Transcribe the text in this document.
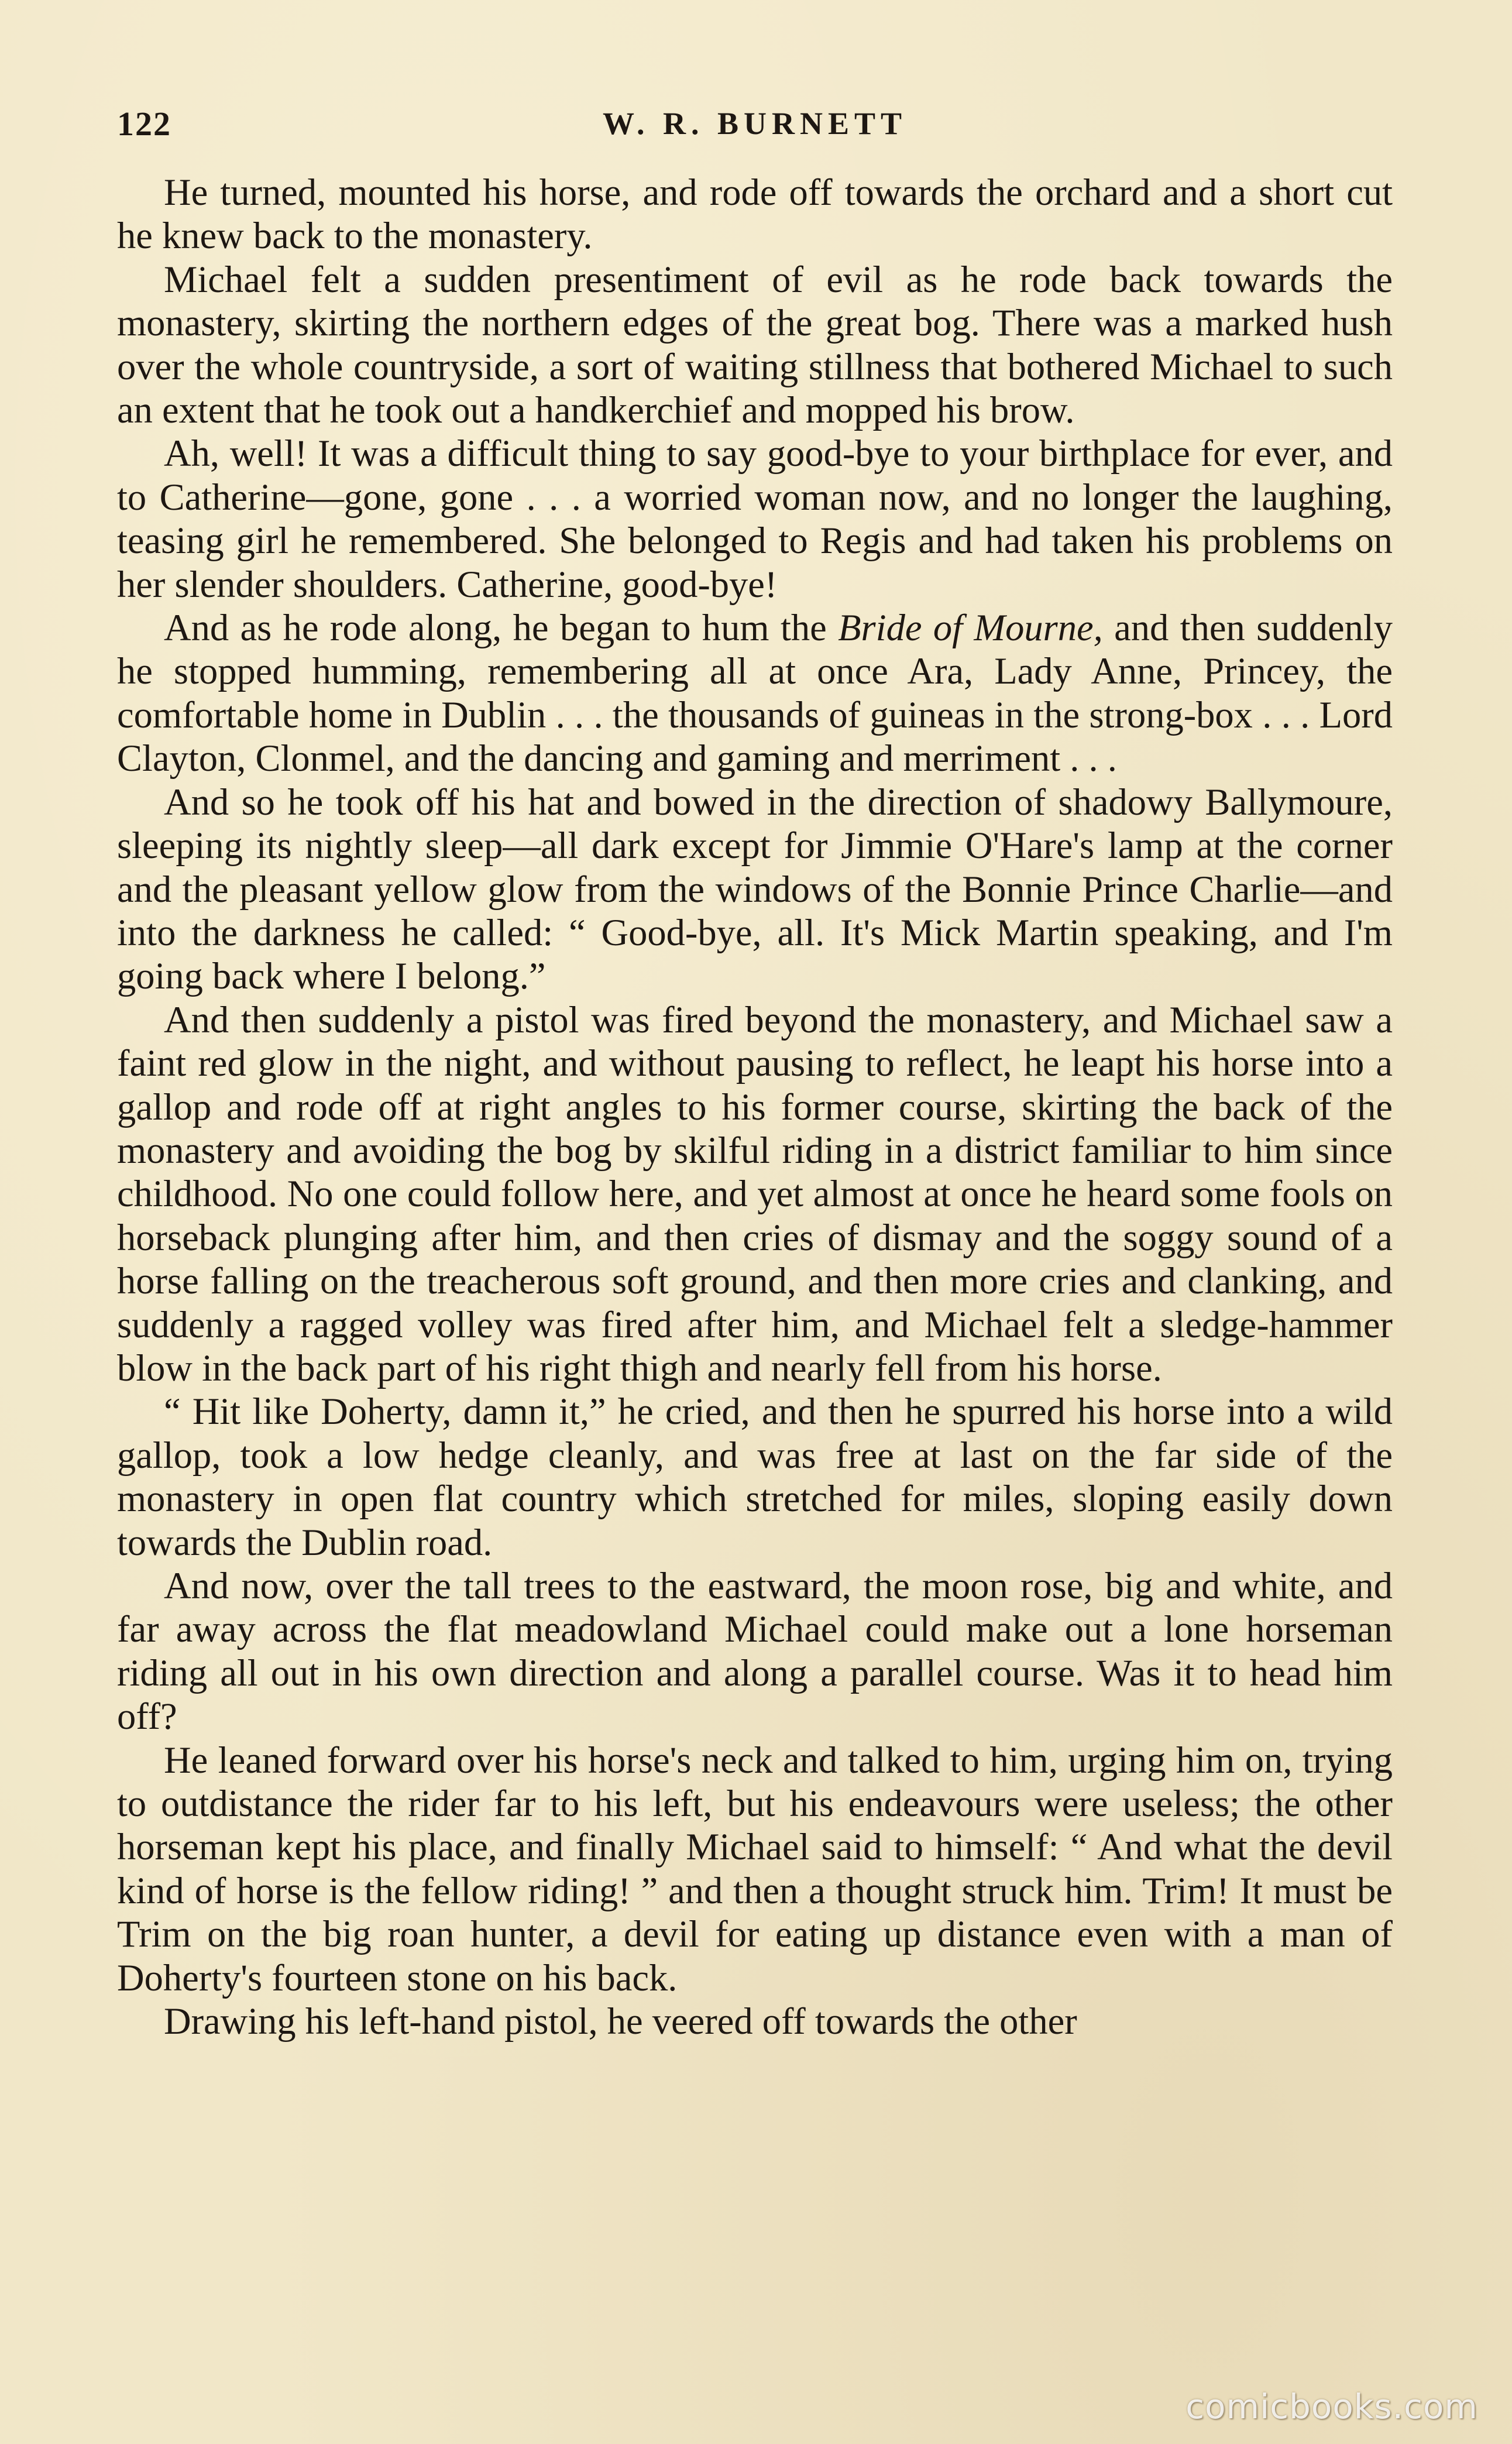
122	W. R. BURNETT

He turned, mounted his horse, and rode off towards the orchard and a short cut he knew back to the monastery.

Michael felt a sudden presentiment of evil as he rode back towards the monastery, skirting the northern edges of the great bog. There was a marked hush over the whole countryside, a sort of waiting stillness that bothered Michael to such an extent that he took out a handkerchief and mopped his brow.

Ah, well! It was a difficult thing to say good-bye to your birthplace for ever, and to Catherine—gone, gone . . . a worried woman now, and no longer the laughing, teasing girl he remembered. She belonged to Regis and had taken his problems on her slender shoulders. Catherine, good-bye!

And as he rode along, he began to hum the Bride of Mourne, and then suddenly he stopped humming, remembering all at once Ara, Lady Anne, Princey, the comfortable home in Dublin . . . the thousands of guineas in the strong-box . . . Lord Clayton, Clonmel, and the dancing and gaming and merriment . . .

And so he took off his hat and bowed in the direction of shadowy Ballymoure, sleeping its nightly sleep—all dark except for Jimmie O'Hare's lamp at the corner and the pleasant yellow glow from the windows of the Bonnie Prince Charlie—and into the darkness he called: “ Good-bye, all. It's Mick Martin speaking, and I'm going back where I belong.”

And then suddenly a pistol was fired beyond the monastery, and Michael saw a faint red glow in the night, and without pausing to reflect, he leapt his horse into a gallop and rode off at right angles to his former course, skirting the back of the monastery and avoiding the bog by skilful riding in a district familiar to him since childhood. No one could follow here, and yet almost at once he heard some fools on horseback plunging after him, and then cries of dismay and the soggy sound of a horse falling on the treacherous soft ground, and then more cries and clanking, and suddenly a ragged volley was fired after him, and Michael felt a sledge-hammer blow in the back part of his right thigh and nearly fell from his horse.

“ Hit like Doherty, damn it,” he cried, and then he spurred his horse into a wild gallop, took a low hedge cleanly, and was free at last on the far side of the monastery in open flat country which stretched for miles, sloping easily down towards the Dublin road.

And now, over the tall trees to the eastward, the moon rose, big and white, and far away across the flat meadowland Michael could make out a lone horseman riding all out in his own direction and along a parallel course. Was it to head him off?

He leaned forward over his horse's neck and talked to him, urging him on, trying to outdistance the rider far to his left, but his endeavours were useless; the other horseman kept his place, and finally Michael said to himself: “ And what the devil kind of horse is the fellow riding! ” and then a thought struck him. Trim! It must be Trim on the big roan hunter, a devil for eating up distance even with a man of Doherty's fourteen stone on his back.

Drawing his left-hand pistol, he veered off towards the other

comicbooks.com
